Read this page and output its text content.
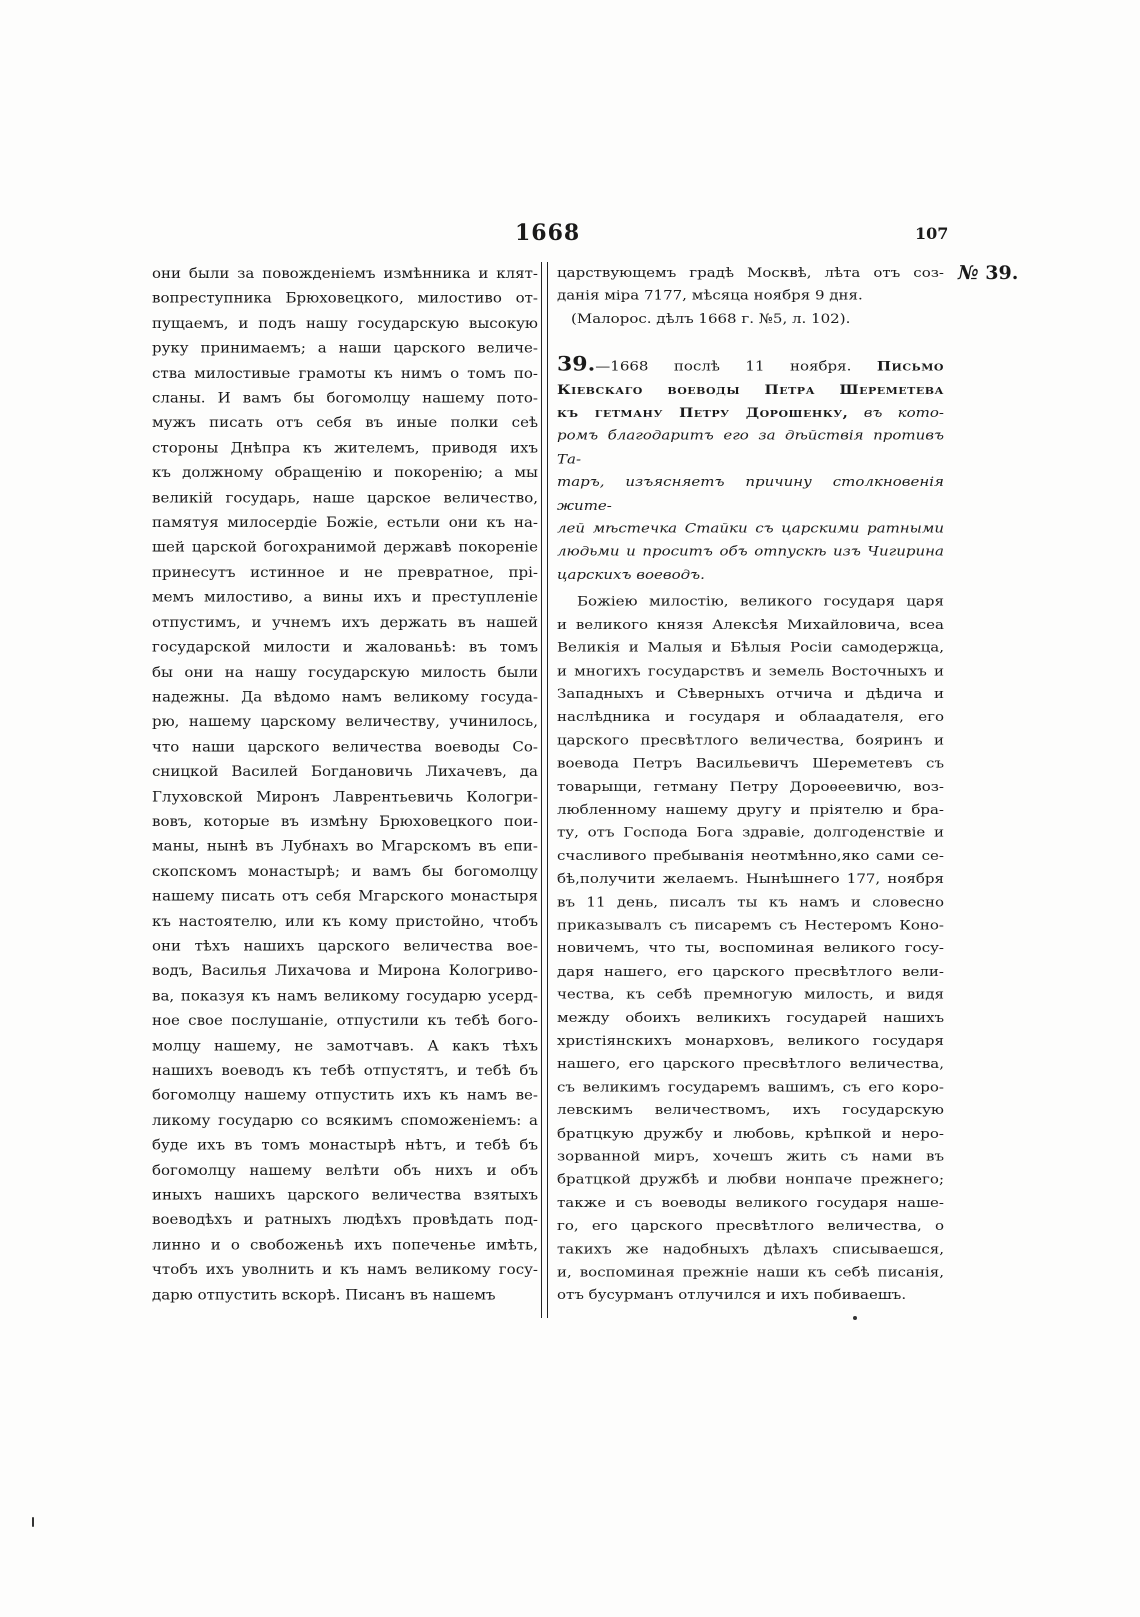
1668	107
№ 39.
они были за повожденіемъ измѣнника и клят-
вопреступника Брюховецкого, милостиво от-
пущаемъ, и подъ нашу государскую высокую
руку принимаемъ; а наши царского величе-
ства милостивые грамоты къ нимъ о томъ по-
сланы. И вамъ бы богомолцу нашему пото-
мужъ писать отъ себя въ иные полки сеѣ
стороны Днѣпра къ жителемъ, приводя ихъ
къ должному обращенію и покоренію; а мы
великій государь, наше царское величество,
памятуя милосердіе Божіе, естьли они къ на-
шей царской богохранимой державѣ покореніе
принесутъ истинное и не превратное, прі-
мемъ милостиво, а вины ихъ и преступленіе
отпустимъ, и учнемъ ихъ держать въ нашей
государской милости и жалованьѣ: въ томъ
бы они на нашу государскую милость были
надежны. Да вѣдомо намъ великому госуда-
рю, нашему царскому величеству, учинилось,
что наши царского величества воеводы Со-
сницкой Василей Богдановичь Лихачевъ, да
Глуховской Миронъ Лаврентьевичь Кологри-
вовъ, которые въ измѣну Брюховецкого пои-
маны, нынѣ въ Лубнахъ во Мгарскомъ въ епи-
скопскомъ монастырѣ; и вамъ бы богомолцу
нашему писать отъ себя Мгарского монастыря
къ настоятелю, или къ кому пристойно, чтобъ
они тѣхъ нашихъ царского величества вое-
водъ, Василья Лихачова и Мирона Кологриво-
ва, показуя къ намъ великому государю усерд-
ное свое послушаніе, отпустили къ тебѣ бого-
молцу нашему, не замотчавъ. А какъ тѣхъ
нашихъ воеводъ къ тебѣ отпустятъ, и тебѣ бъ
богомолцу нашему отпустить ихъ къ намъ ве-
ликому государю со всякимъ споможеніемъ: а
буде ихъ въ томъ монастырѣ нѣтъ, и тебѣ бъ
богомолцу нашему велѣти объ нихъ и объ
иныхъ нашихъ царского величества взятыхъ
воеводѣхъ и ратныхъ людѣхъ провѣдать под-
линно и о свобоженьѣ ихъ попеченье имѣть,
чтобъ ихъ уволнить и къ намъ великому госу-
дарю отпустить вскорѣ. Писанъ въ нашемъ
царствующемъ градѣ Москвѣ, лѣта отъ соз-
данія міра 7177, мѣсяца ноября 9 дня.
(Малорос. дѣлъ 1668 г. №5, л. 102).
39.—1668 послѣ 11 ноября. Письмо
Кіевскаго воеводы Петра Шереметева
къ гетману Петру Дорошенку, въ кото-
ромъ благодаритъ его за дѣйствія противъ Та-
таръ, изъясняетъ причину столкновенія жите-
лей мѣстечка Стайки съ царскими ратными
людьми и проситъ объ отпускѣ изъ Чигирина
царскихъ воеводъ.
Божіею милостію, великого государя царя
и великого князя Алексѣя Михайловича, всеа
Великія и Малыя и Бѣлыя Росіи самодержца,
и многихъ государствъ и земель Восточныхъ и
Западныхъ и Сѣверныхъ отчича и дѣдича и
наслѣдника и государя и облаадателя, его
царского пресвѣтлого величества, бояринъ и
воевода Петръ Васильевичъ Шереметевъ съ
товарыщи, гетману Петру Дороѳеевичю, воз-
любленному нашему другу и пріятелю и бра-
ту, отъ Господа Бога здравіе, долгоденствіе и
счасливого пребыванія неотмѣнно,яко сами се-
бѣ,получити желаемъ. Нынѣшнего 177, ноября
въ 11 день, писалъ ты къ намъ и словесно
приказывалъ съ писаремъ съ Нестеромъ Коно-
новичемъ, что ты, воспоминая великого госу-
даря нашего, его царского пресвѣтлого вели-
чества, къ себѣ премногую милость, и видя
между обоихъ великихъ государей нашихъ
христіянскихъ монарховъ, великого государя
нашего, его царского пресвѣтлого величества,
съ великимъ государемъ вашимъ, съ его коро-
левскимъ величествомъ, ихъ государскую
братцкую дружбу и любовь, крѣпкой и неро-
зорванной миръ, хочешъ жить съ нами въ
братцкой дружбѣ и любви нонпаче прежнего;
также и съ воеводы великого государя наше-
го, его царского пресвѣтлого величества, о
такихъ же надобныхъ дѣлахъ списываешся,
и, воспоминая прежніе наши къ себѣ писанія,
отъ бусурманъ отлучился и ихъ побиваешъ.
